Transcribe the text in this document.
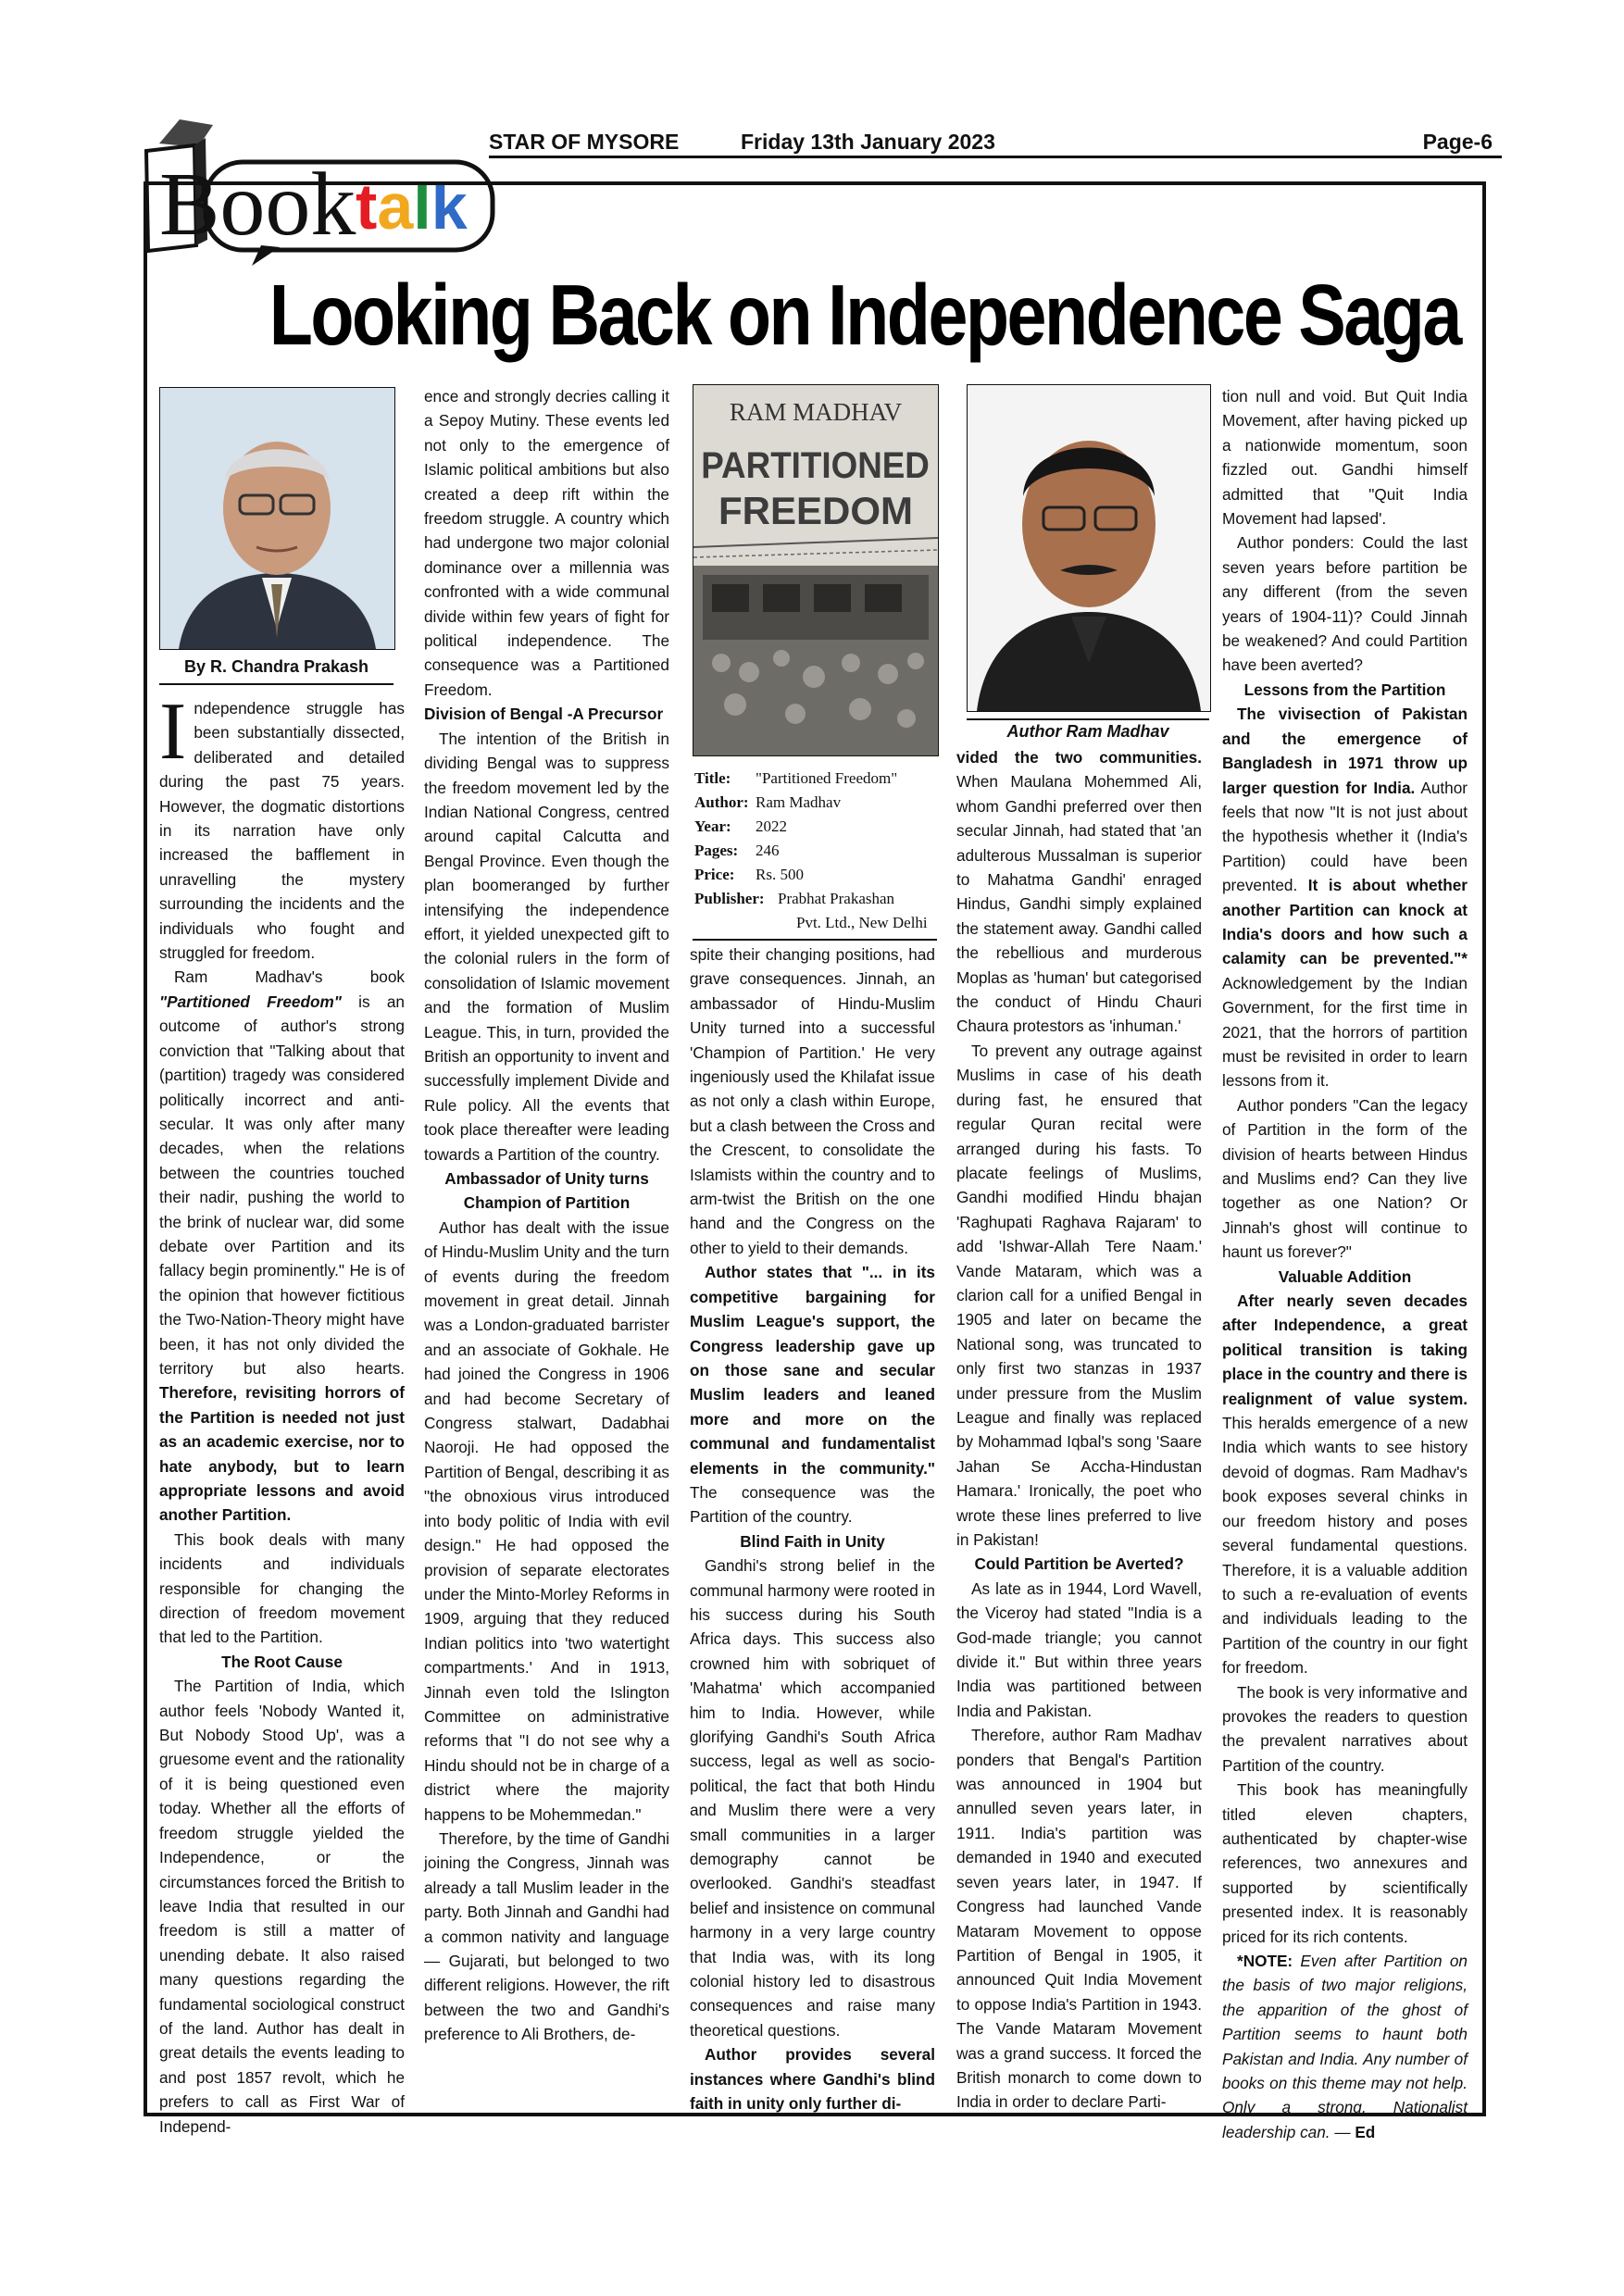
Book talk
STAR OF MYSORE	Friday 13th January 2023	Page-6
Looking Back on Independence Saga
By R. Chandra Prakash

Independence struggle has been substantially dissected, deliberated and detailed during the past 75 years. However, the dogmatic distortions in its narration have only increased the bafflement in unravelling the mystery surrounding the incidents and the individuals who fought and struggled for freedom.

Ram Madhav's book "Partitioned Freedom" is an outcome of author's strong conviction that "Talking about that (partition) tragedy was considered politically incorrect and anti-secular. It was only after many decades, when the relations between the countries touched their nadir, pushing the world to the brink of nuclear war, did some debate over Partition and its fallacy begin prominently." He is of the opinion that however fictitious the Two-Nation-Theory might have been, it has not only divided the territory but also hearts. Therefore, revisiting horrors of the Partition is needed not just as an academic exercise, nor to hate anybody, but to learn appropriate lessons and avoid another Partition.

This book deals with many incidents and individuals responsible for changing the direction of freedom movement that led to the Partition.

The Root Cause

The Partition of India, which author feels 'Nobody Wanted it, But Nobody Stood Up', was a gruesome event and the rationality of it is being questioned even today. Whether all the efforts of freedom struggle yielded the Independence, or the circumstances forced the British to leave India that resulted in our freedom is still a matter of unending debate. It also raised many questions regarding the fundamental sociological construct of the land. Author has dealt in great details the events leading to and post 1857 revolt, which he prefers to call as First War of Independ-

ence and strongly decries calling it a Sepoy Mutiny. These events led not only to the emergence of Islamic political ambitions but also created a deep rift within the freedom struggle. A country which had undergone two major colonial dominance over a millennia was confronted with a wide communal divide within few years of fight for political independence. The consequence was a Partitioned Freedom.

Division of Bengal -A Precursor

The intention of the British in dividing Bengal was to suppress the freedom movement led by the Indian National Congress, centred around capital Calcutta and Bengal Province. Even though the plan boomeranged by further intensifying the independence effort, it yielded unexpected gift to the colonial rulers in the form of consolidation of Islamic movement and the formation of Muslim League. This, in turn, provided the British an opportunity to invent and successfully implement Divide and Rule policy. All the events that took place thereafter were leading towards a Partition of the country.

Ambassador of Unity turns Champion of Partition

Author has dealt with the issue of Hindu-Muslim Unity and the turn of events during the freedom movement in great detail. Jinnah was a London-graduated barrister and an associate of Gokhale. He had joined the Congress in 1906 and had become Secretary of Congress stalwart, Dadabhai Naoroji. He had opposed the Partition of Bengal, describing it as "the obnoxious virus introduced into body politic of India with evil design." He had opposed the provision of separate electorates under the Minto-Morley Reforms in 1909, arguing that they reduced Indian politics into 'two watertight compartments.' And in 1913, Jinnah even told the Islington Committee on administrative reforms that "I do not see why a Hindu should not be in charge of a district where the majority happens to be Mohemmedan."

Therefore, by the time of Gandhi joining the Congress, Jinnah was already a tall Muslim leader in the party. Both Jinnah and Gandhi had a common nativity and language — Gujarati, but belonged to two different religions. However, the rift between the two and Gandhi's preference to Ali Brothers, de-

RAM MADHAV
PARTITIONED
FREEDOM
Title:	"Partitioned Freedom"
Author: Ram Madhav
Year:	2022
Pages:	246
Price:	Rs. 500
Publisher: Prabhat Prakashan
Pvt. Ltd., New Delhi

spite their changing positions, had grave consequences. Jinnah, an ambassador of Hindu-Muslim Unity turned into a successful 'Champion of Partition.' He very ingeniously used the Khilafat issue as not only a clash within Europe, but a clash between the Cross and the Crescent, to consolidate the Islamists within the country and to arm-twist the British on the one hand and the Congress on the other to yield to their demands.

Author states that "... in its competitive bargaining for Muslim League's support, the Congress leadership gave up on those sane and secular Muslim leaders and leaned more and more on the communal and fundamentalist elements in the community." The consequence was the Partition of the country.

Blind Faith in Unity

Gandhi's strong belief in the communal harmony were rooted in his success during his South Africa days. This success also crowned him with sobriquet of 'Mahatma' which accompanied him to India. However, while glorifying Gandhi's South Africa success, legal as well as socio-political, the fact that both Hindu and Muslim there were a very small communities in a larger demography cannot be overlooked. Gandhi's steadfast belief and insistence on communal harmony in a very large country that India was, with its long colonial history led to disastrous consequences and raise many theoretical questions.

Author provides several instances where Gandhi's blind faith in unity only further di-

Author Ram Madhav

vided the two communities. When Maulana Mohemmed Ali, whom Gandhi preferred over then secular Jinnah, had stated that 'an adulterous Mussalman is superior to Mahatma Gandhi' enraged Hindus, Gandhi simply explained the statement away. Gandhi called the rebellious and murderous Moplas as 'human' but categorised the conduct of Hindu Chauri Chaura protestors as 'inhuman.'

To prevent any outrage against Muslims in case of his death during fast, he ensured that regular Quran recital were arranged during his fasts. To placate feelings of Muslims, Gandhi modified Hindu bhajan 'Raghupati Raghava Rajaram' to add 'Ishwar-Allah Tere Naam.' Vande Mataram, which was a clarion call for a unified Bengal in 1905 and later on became the National song, was truncated to only first two stanzas in 1937 under pressure from the Muslim League and finally was replaced by Mohammad Iqbal's song 'Saare Jahan Se Accha-Hindustan Hamara.' Ironically, the poet who wrote these lines preferred to live in Pakistan!

Could Partition be Averted?

As late as in 1944, Lord Wavell, the Viceroy had stated "India is a God-made triangle; you cannot divide it." But within three years India was partitioned between India and Pakistan.

Therefore, author Ram Madhav ponders that Bengal's Partition was announced in 1904 but annulled seven years later, in 1911. India's partition was demanded in 1940 and executed seven years later, in 1947. If Congress had launched Vande Mataram Movement to oppose Partition of Bengal in 1905, it announced Quit India Movement to oppose India's Partition in 1943. The Vande Mataram Movement was a grand success. It forced the British monarch to come down to India in order to declare Parti-

tion null and void. But Quit India Movement, after having picked up a nationwide momentum, soon fizzled out. Gandhi himself admitted that "Quit India Movement had lapsed'.

Author ponders: Could the last seven years before partition be any different (from the seven years of 1904-11)? Could Jinnah be weakened? And could Partition have been averted?

Lessons from the Partition

The vivisection of Pakistan and the emergence of Bangladesh in 1971 throw up larger question for India. Author feels that now "It is not just about the hypothesis whether it (India's Partition) could have been prevented. It is about whether another Partition can knock at India's doors and how such a calamity can be prevented."* Acknowledgement by the Indian Government, for the first time in 2021, that the horrors of partition must be revisited in order to learn lessons from it.

Author ponders "Can the legacy of Partition in the form of the division of hearts between Hindus and Muslims end? Can they live together as one Nation? Or Jinnah's ghost will continue to haunt us forever?"

Valuable Addition

After nearly seven decades after Independence, a great political transition is taking place in the country and there is realignment of value system. This heralds emergence of a new India which wants to see history devoid of dogmas. Ram Madhav's book exposes several chinks in our freedom history and poses several fundamental questions. Therefore, it is a valuable addition to such a re-evaluation of events and individuals leading to the Partition of the country in our fight for freedom.

The book is very informative and provokes the readers to question the prevalent narratives about Partition of the country.

This book has meaningfully titled eleven chapters, authenticated by chapter-wise references, two annexures and supported by scientifically presented index. It is reasonably priced for its rich contents.

*NOTE: Even after Partition on the basis of two major religions, the apparition of the ghost of Partition seems to haunt both Pakistan and India. Any number of books on this theme may not help. Only a strong, Nationalist leadership can. — Ed
